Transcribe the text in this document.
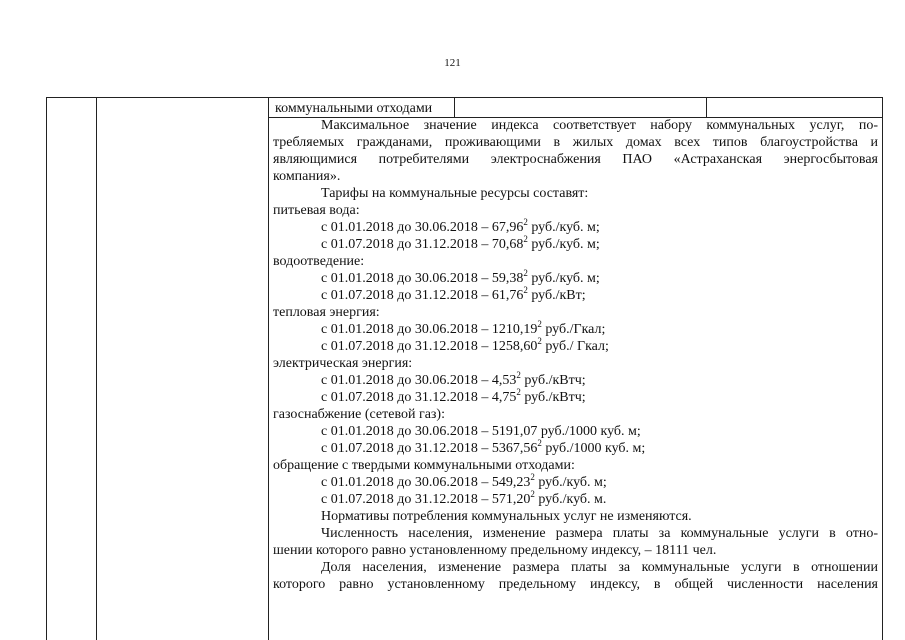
121
коммунальными отходами
Максимальное значение индекса соответствует набору коммунальных услуг, по-
требляемых гражданами, проживающими в жилых домах всех типов благоустройства и
являющимися потребителями электроснабжения ПАО «Астраханская энергосбытовая
компания».
Тарифы на коммунальные ресурсы составят:
питьевая вода:
с 01.01.2018 до 30.06.2018 – 67,96$^2$ руб./куб. м;
с 01.07.2018 до 31.12.2018 – 70,68$^2$ руб./куб. м;
водоотведение:
с 01.01.2018 до 30.06.2018 – 59,38$^2$ руб./куб. м;
с 01.07.2018 до 31.12.2018 – 61,76$^2$ руб./кВт;
тепловая энергия:
с 01.01.2018 до 30.06.2018 – 1210,19$^2$ руб./Гкал;
с 01.07.2018 до 31.12.2018 – 1258,60$^2$ руб./ Гкал;
электрическая энергия:
с 01.01.2018 до 30.06.2018 – 4,53$^2$ руб./кВтч;
с 01.07.2018 до 31.12.2018 – 4,75$^2$ руб./кВтч;
газоснабжение (сетевой газ):
с 01.01.2018 до 30.06.2018 – 5191,07 руб./1000 куб. м;
с 01.07.2018 до 31.12.2018 – 5367,56$^2$ руб./1000 куб. м;
обращение с твердыми коммунальными отходами:
с 01.01.2018 до 30.06.2018 – 549,23$^2$ руб./куб. м;
с 01.07.2018 до 31.12.2018 – 571,20$^2$ руб./куб. м.
Нормативы потребления коммунальных услуг не изменяются.
Численность населения, изменение размера платы за коммунальные услуги в отно-
шении которого равно установленному предельному индексу, – 18111 чел.
Доля населения, изменение размера платы за коммунальные услуги в отношении
которого равно установленному предельному индексу, в общей численности населения
